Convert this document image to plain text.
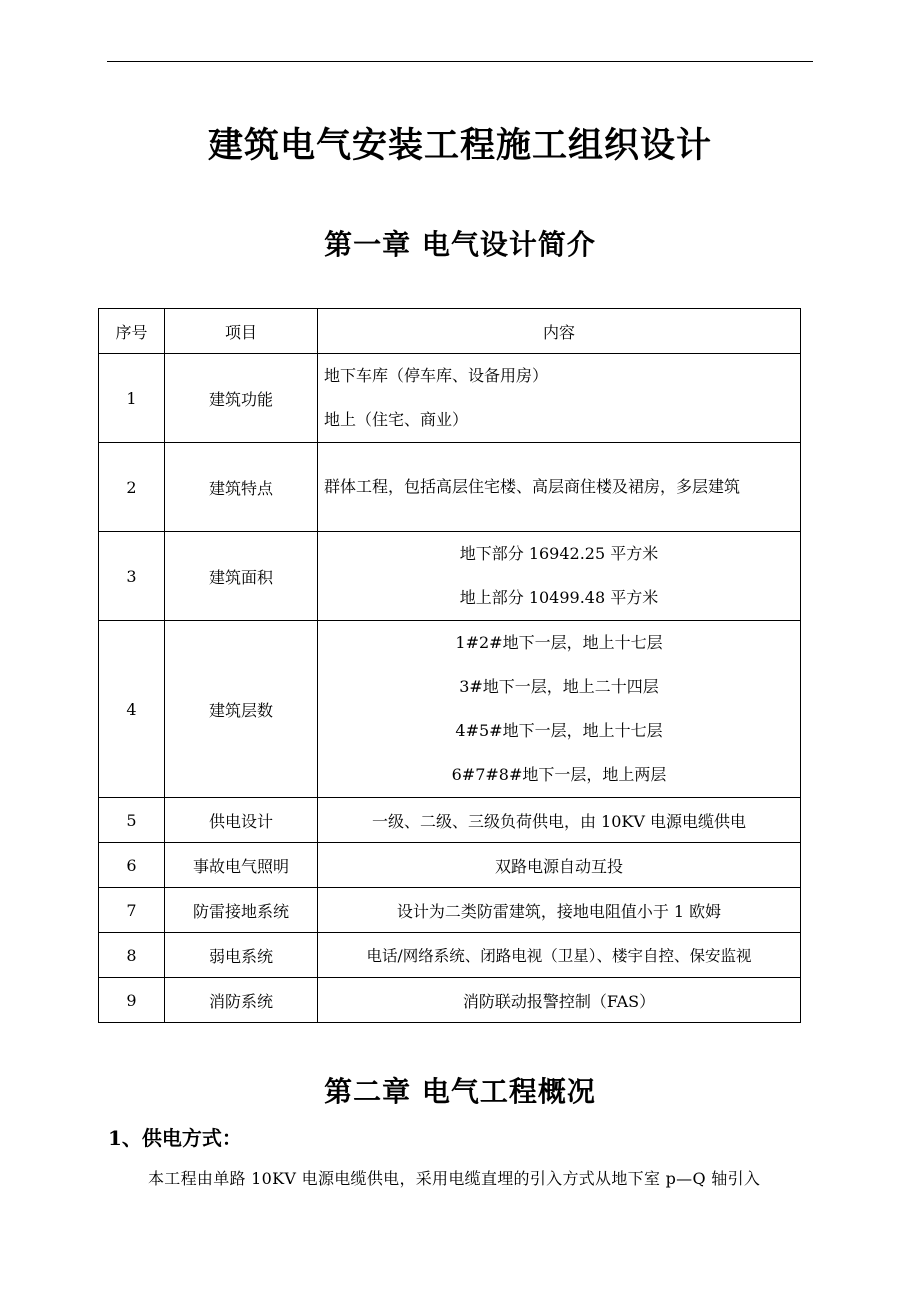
建筑电气安装工程施工组织设计
第一章 电气设计简介
序号	项目	内容
1	建筑功能	地下车库（停车库、设备用房）
地上（住宅、商业）

2	建筑特点	群体工程，包括高层住宅楼、高层商住楼及裙房，多层建筑

3	建筑面积	地下部分 16942.25 平方米
地上部分 10499.48 平方米

4	建筑层数	1#2#地下一层，地上十七层
3#地下一层，地上二十四层
4#5#地下一层，地上十七层
6#7#8#地下一层，地上两层

5	供电设计	一级、二级、三级负荷供电，由 10KV 电源电缆供电
6	事故电气照明	双路电源自动互投
7	防雷接地系统	设计为二类防雷建筑，接地电阻值小于 1 欧姆
8	弱电系统	电话/网络系统、闭路电视（卫星）、楼宇自控、保安监视
9	消防系统	消防联动报警控制（FAS）
第二章 电气工程概况
1、供电方式：

本工程由单路 10KV 电源电缆供电，采用电缆直埋的引入方式从地下室 p—Q 轴引入
